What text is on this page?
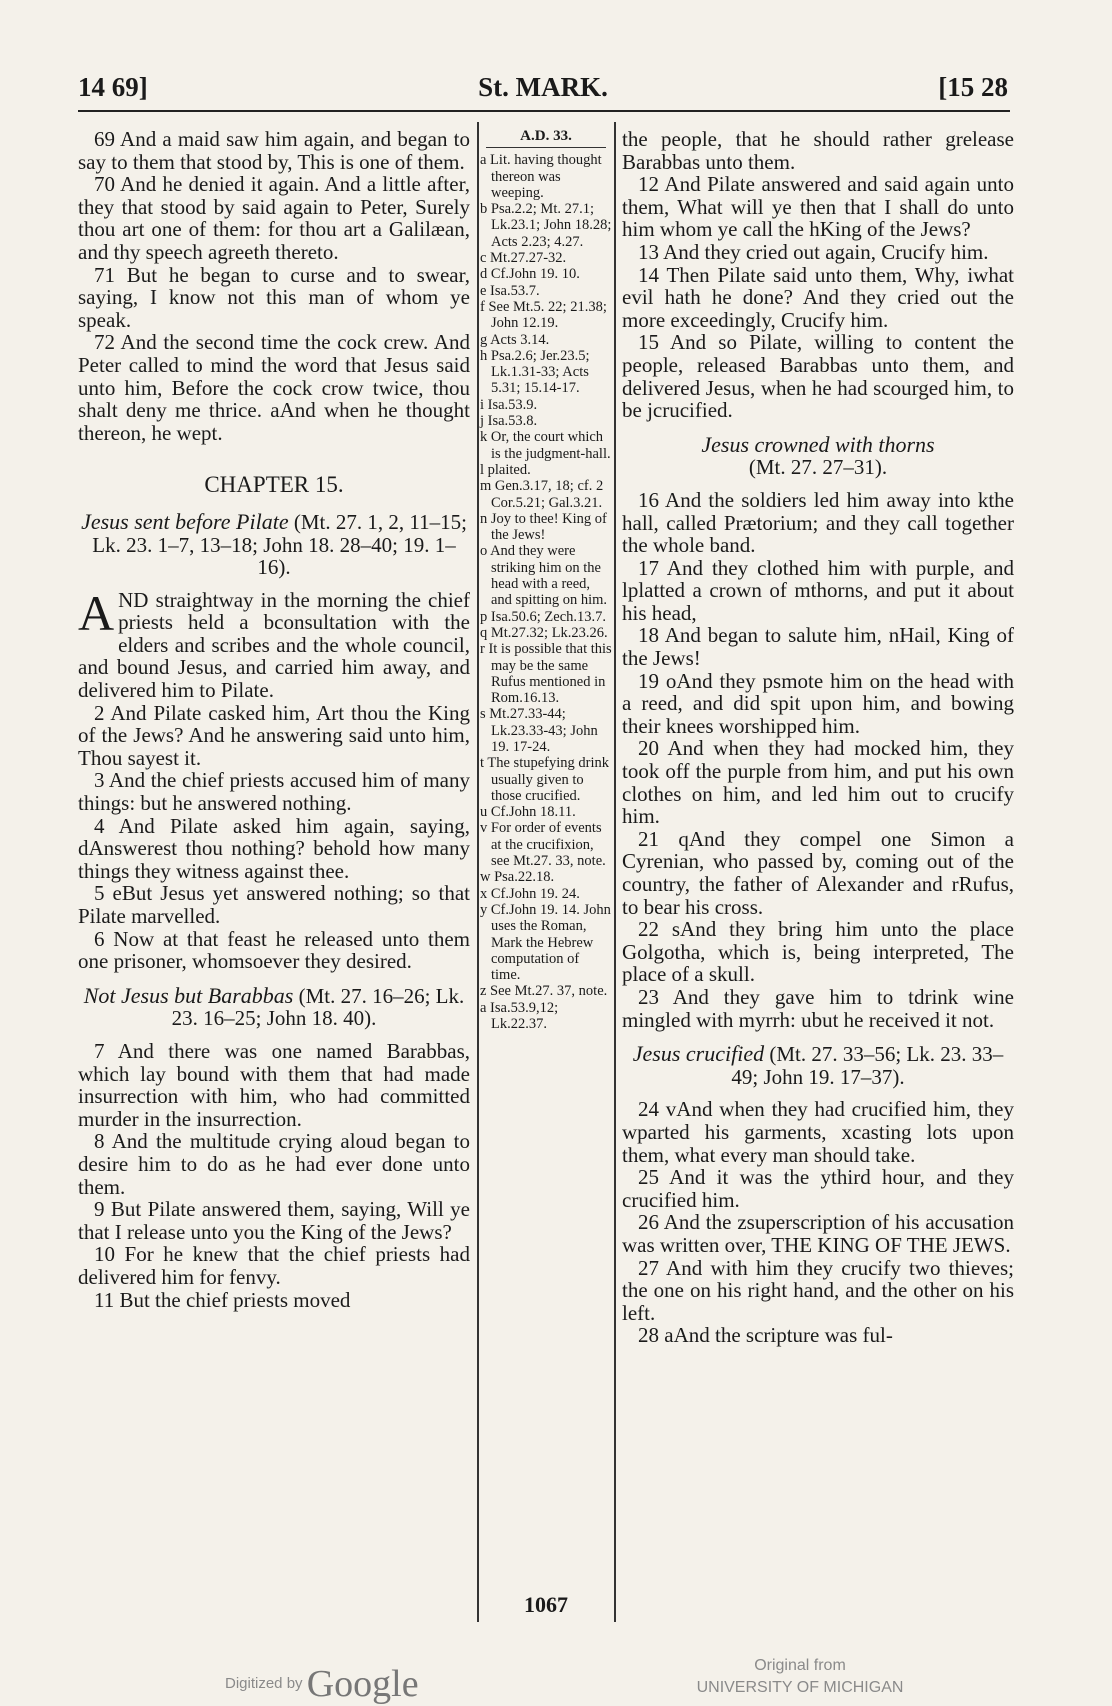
14 69]	St. MARK.	[15 28

69 And a maid saw him again, and began to say to them that stood by, This is one of them.

70 And he denied it again. And a little after, they that stood by said again to Peter, Surely thou art one of them: for thou art a Galilæan, and thy speech agreeth thereto.

71 But he began to curse and to swear, saying, I know not this man of whom ye speak.

72 And the second time the cock crew. And Peter called to mind the word that Jesus said unto him, Before the cock crow twice, thou shalt deny me thrice. aAnd when he thought thereon, he wept.

CHAPTER 15.
Jesus sent before Pilate (Mt. 27. 1, 2, 11–15; Lk. 23. 1–7, 13–18; John 18. 28–40; 19. 1–16).

A ND straightway in the morning the chief priests held a bconsultation with the elders and scribes and the whole council, and bound Jesus, and carried him away, and delivered him to Pilate.

2 And Pilate casked him, Art thou the King of the Jews? And he answering said unto him, Thou sayest it.

3 And the chief priests accused him of many things: but he answered nothing.

4 And Pilate asked him again, saying, dAnswerest thou nothing? behold how many things they witness against thee.

5 eBut Jesus yet answered nothing; so that Pilate marvelled.

6 Now at that feast he released unto them one prisoner, whomsoever they desired.

Not Jesus but Barabbas (Mt. 27. 16–26; Lk. 23. 16–25; John 18. 40).

7 And there was one named Barabbas, which lay bound with them that had made insurrection with him, who had committed murder in the insurrection.

8 And the multitude crying aloud began to desire him to do as he had ever done unto them.

9 But Pilate answered them, saying, Will ye that I release unto you the King of the Jews?

10 For he knew that the chief priests had delivered him for fenvy.

11 But the chief priests moved

A.D. 33.
a Lit. having thought thereon was weeping.
b Psa.2.2; Mt. 27.1; Lk.23.1; John 18.28; Acts 2.23; 4.27.
c Mt.27.27-32.
d Cf.John 19. 10.
e Isa.53.7.
f See Mt.5. 22; 21.38; John 12.19.
g Acts 3.14.
h Psa.2.6; Jer.23.5; Lk.1.31-33; Acts 5.31; 15.14-17.
i Isa.53.9.
j Isa.53.8.
k Or, the court which is the judgment-hall.
l plaited.
m Gen.3.17, 18; cf. 2 Cor.5.21; Gal.3.21.
n Joy to thee! King of the Jews!
o And they were striking him on the head with a reed, and spitting on him.
p Isa.50.6; Zech.13.7.
q Mt.27.32; Lk.23.26.
r It is possible that this may be the same Rufus mentioned in Rom.16.13.
s Mt.27.33-44; Lk.23.33-43; John 19. 17-24.
t The stupefying drink usually given to those crucified.
u Cf.John 18.11.
v For order of events at the crucifixion, see Mt.27. 33, note.
w Psa.22.18.
x Cf.John 19. 24.
y Cf.John 19. 14. John uses the Roman, Mark the Hebrew computation of time.
z See Mt.27. 37, note.
a Isa.53.9,12; Lk.22.37.
1067

the people, that he should rather grelease Barabbas unto them.

12 And Pilate answered and said again unto them, What will ye then that I shall do unto him whom ye call the hKing of the Jews?

13 And they cried out again, Crucify him.

14 Then Pilate said unto them, Why, iwhat evil hath he done? And they cried out the more exceedingly, Crucify him.

15 And so Pilate, willing to content the people, released Barabbas unto them, and delivered Jesus, when he had scourged him, to be jcrucified.

Jesus crowned with thorns
(Mt. 27. 27–31).

16 And the soldiers led him away into kthe hall, called Prætorium; and they call together the whole band.

17 And they clothed him with purple, and lplatted a crown of mthorns, and put it about his head,

18 And began to salute him, nHail, King of the Jews!

19 oAnd they psmote him on the head with a reed, and did spit upon him, and bowing their knees worshipped him.

20 And when they had mocked him, they took off the purple from him, and put his own clothes on him, and led him out to crucify him.

21 qAnd they compel one Simon a Cyrenian, who passed by, coming out of the country, the father of Alexander and rRufus, to bear his cross.

22 sAnd they bring him unto the place Golgotha, which is, being interpreted, The place of a skull.

23 And they gave him to tdrink wine mingled with myrrh: ubut he received it not.

Jesus crucified (Mt. 27. 33–56; Lk. 23. 33–49; John 19. 17–37).

24 vAnd when they had crucified him, they wparted his garments, xcasting lots upon them, what every man should take.

25 And it was the ythird hour, and they crucified him.

26 And the zsuperscription of his accusation was written over, THE KING OF THE JEWS.

27 And with him they crucify two thieves; the one on his right hand, and the other on his left.

28 aAnd the scripture was ful-

Digitized by Google	Original from
UNIVERSITY OF MICHIGAN
